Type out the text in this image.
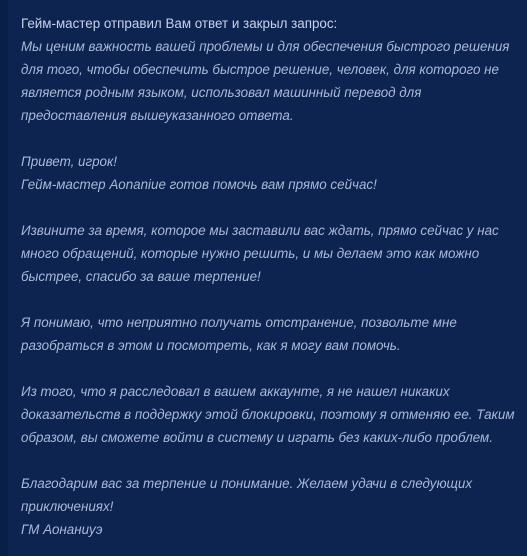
Гейм-мастер отправил Вам ответ и закрыл запрос:

Мы ценим важность вашей проблемы и для обеспечения быстрого решения
для того, чтобы обеспечить быстрое решение, человек, для которого не
является родным языком, использовал машинный перевод для
предоставления вышеуказанного ответа.
Привет, игрок!
Гейм-мастер Aonaniue готов помочь вам прямо сейчас!
Извините за время, которое мы заставили вас ждать, прямо сейчас у нас
много обращений, которые нужно решить, и мы делаем это как можно
быстрее, спасибо за ваше терпение!
Я понимаю, что неприятно получать отстранение, позвольте мне
разобраться в этом и посмотреть, как я могу вам помочь.
Из того, что я расследовал в вашем аккаунте, я не нашел никаких
доказательств в поддержку этой блокировки, поэтому я отменяю ее. Таким
образом, вы сможете войти в систему и играть без каких-либо проблем.
Благодарим вас за терпение и понимание. Желаем удачи в следующих
приключениях!
ГМ Аонаниуэ
